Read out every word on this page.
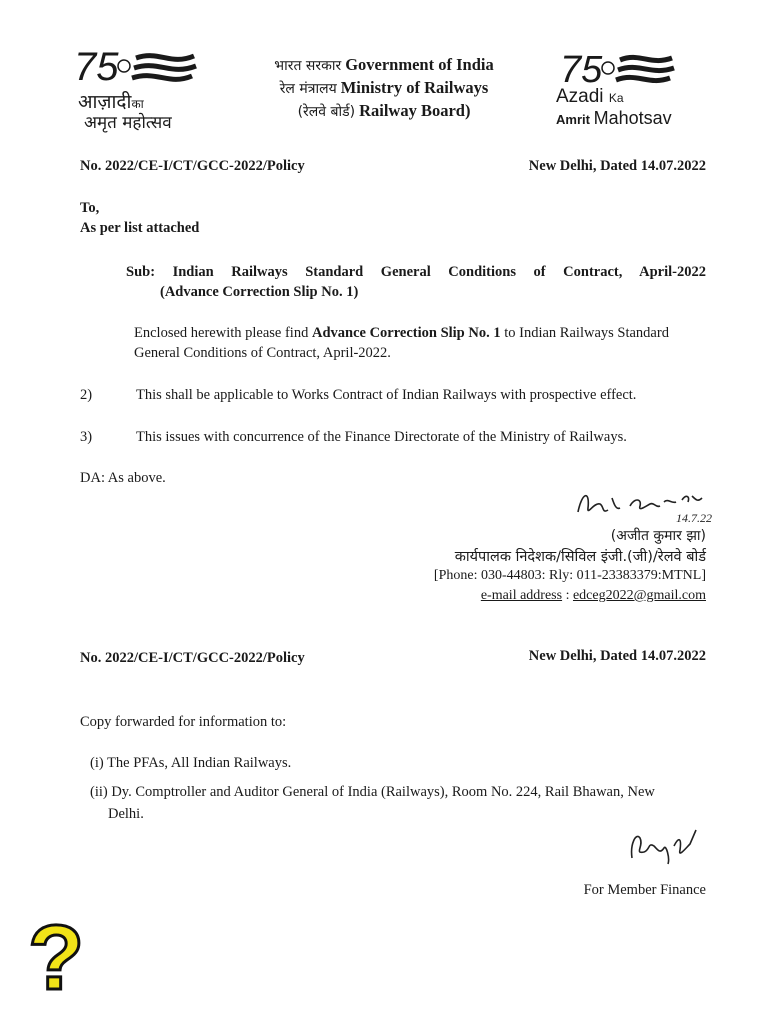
75
आज़ादीका
अमृत महोत्सव
भारत सरकार Government of India
रेल मंत्रालय Ministry of Railways
(रेलवे बोर्ड) Railway Board)
75
Azadi Ka
Amrit Mahotsav
No. 2022/CE-I/CT/GCC-2022/Policy	New Delhi, Dated 14.07.2022
To,
As per list attached
Sub: Indian Railways Standard General Conditions of Contract, April-2022
(Advance Correction Slip No. 1)
Enclosed herewith please find Advance Correction Slip No. 1 to Indian Railways Standard
General Conditions of Contract, April-2022.
2)	This shall be applicable to Works Contract of Indian Railways with prospective effect.
3)	This issues with concurrence of the Finance Directorate of the Ministry of Railways.
DA: As above.
14.7.22
(अजीत कुमार झा)
कार्यपालक निदेशक/सिविल इंजी.(जी)/रेलवे बोर्ड
[Phone: 030-44803: Rly: 011-23383379:MTNL]
e-mail address : edceg2022@gmail.com
No. 2022/CE-I/CT/GCC-2022/Policy	New Delhi, Dated 14.07.2022
Copy forwarded for information to:
(i) The PFAs, All Indian Railways.
(ii) Dy. Comptroller and Auditor General of India (Railways), Room No. 224, Rail Bhawan, New
Delhi.
For Member Finance
?
